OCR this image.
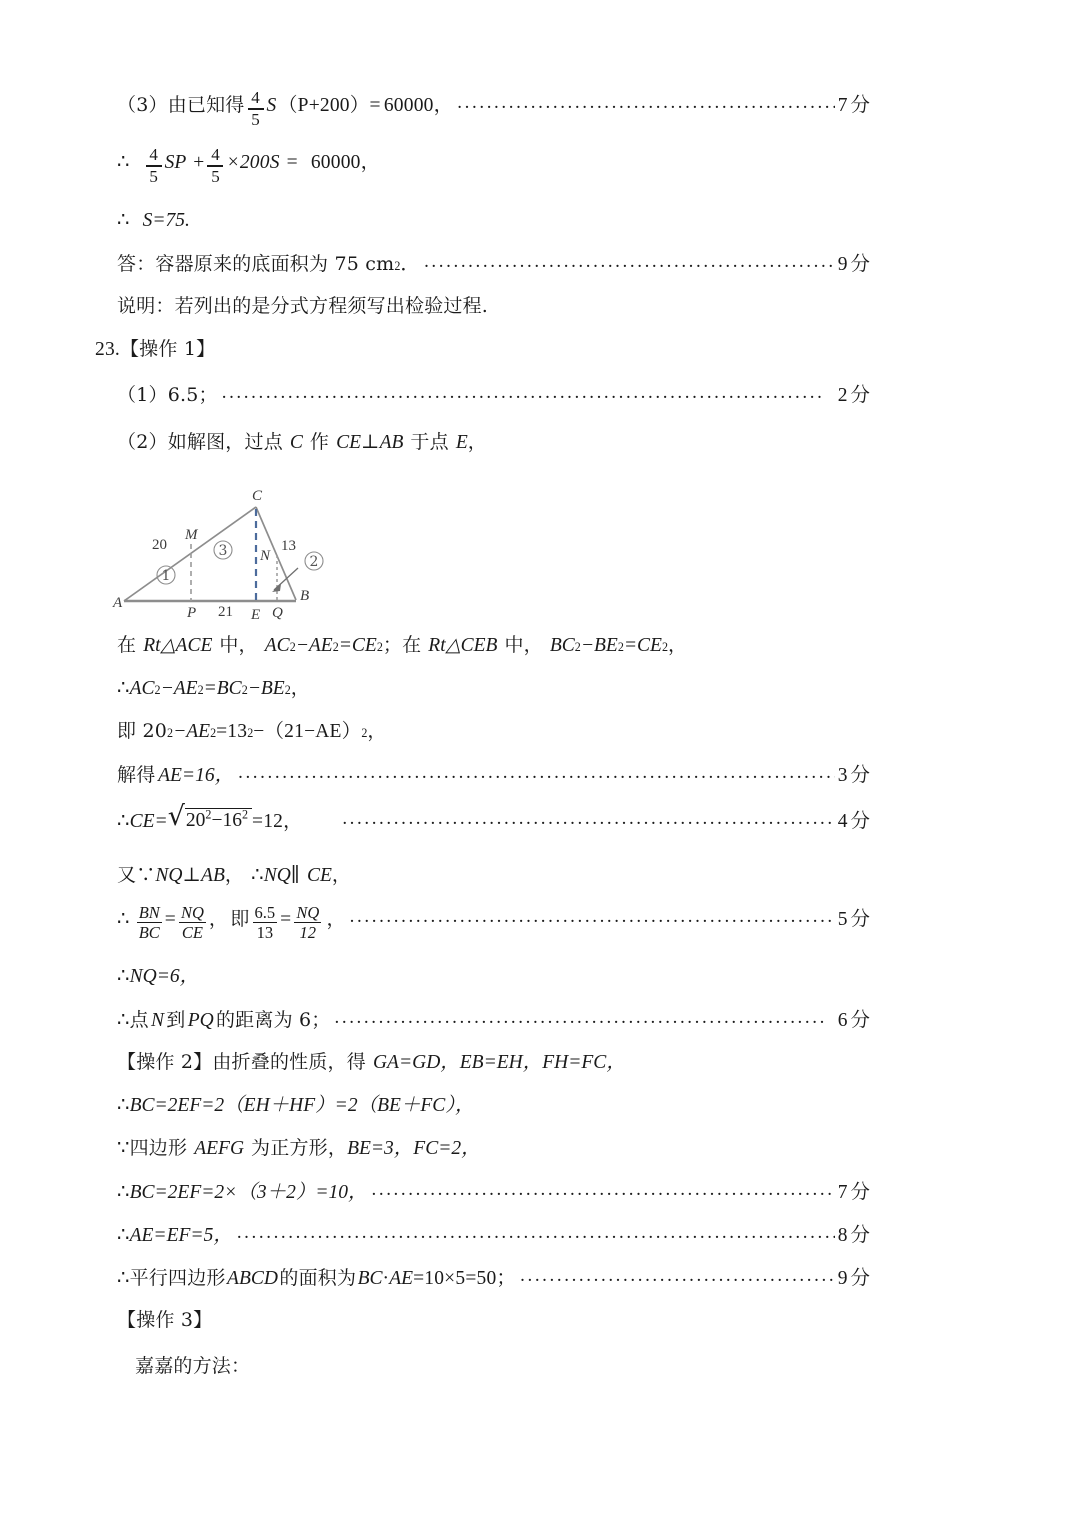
（3）由已知得 $\frac{4}{5}$ S （P+200）= 60000， .....	7 分
∴ $\frac{4}{5}$ SP + $\frac{4}{5} \times 200S = 60000$，
∴ S=75.
答：容器原来的底面积为 75 cm 2 ． .....	9 分
说明：若列出的是分式方程须写出检验过程.
23. 【操作 1】
（1）6.5； .....	2 分
（2）如解图，过点 C 作 CE ⊥ AB 于点 E ，
在 Rt△ACE 中， AC 2 −AE 2 =CE 2 ；在 Rt△CEB 中， BC 2 −BE 2 =CE 2 ，
∴ AC 2 −AE 2 =BC 2 −BE 2 ，
即 20 2 −AE 2 =13 2 −（21−AE） 2 ，
解得 AE=16， .....	3 分
∴ CE= √ $20^2-16^2 =12$ ， .....	4 分
又∵ NQ ⊥ AB ， ∴ NQ ∥ CE ，
∴ $\frac{BN}{BC} = \frac{NQ}{CE}$ ， 即 $\frac{6.5}{13} = \frac{NQ}{12}$ ， .....	5 分
∴ NQ=6，
∴ 点 N 到 PQ 的距离为 6； .....	6 分
【操作 2】 由折叠的性质，得 GA=GD，EB=EH，FH=FC，
∴ BC=2EF=2（EH＋HF）=2（BE＋FC），
∵ 四边形 AEFG 为正方形， BE=3，FC=2，
∴ BC=2EF=2×（3＋2）=10， .....	7 分
∴ AE=EF=5， .....	8 分
∴ 平行四边形 ABCD 的面积为 BC · AE =10×5=50； .....	9 分
【操作 3】
嘉嘉的方法：
1
2
3
A	B
C
M
N
P	E Q
20	13
21
